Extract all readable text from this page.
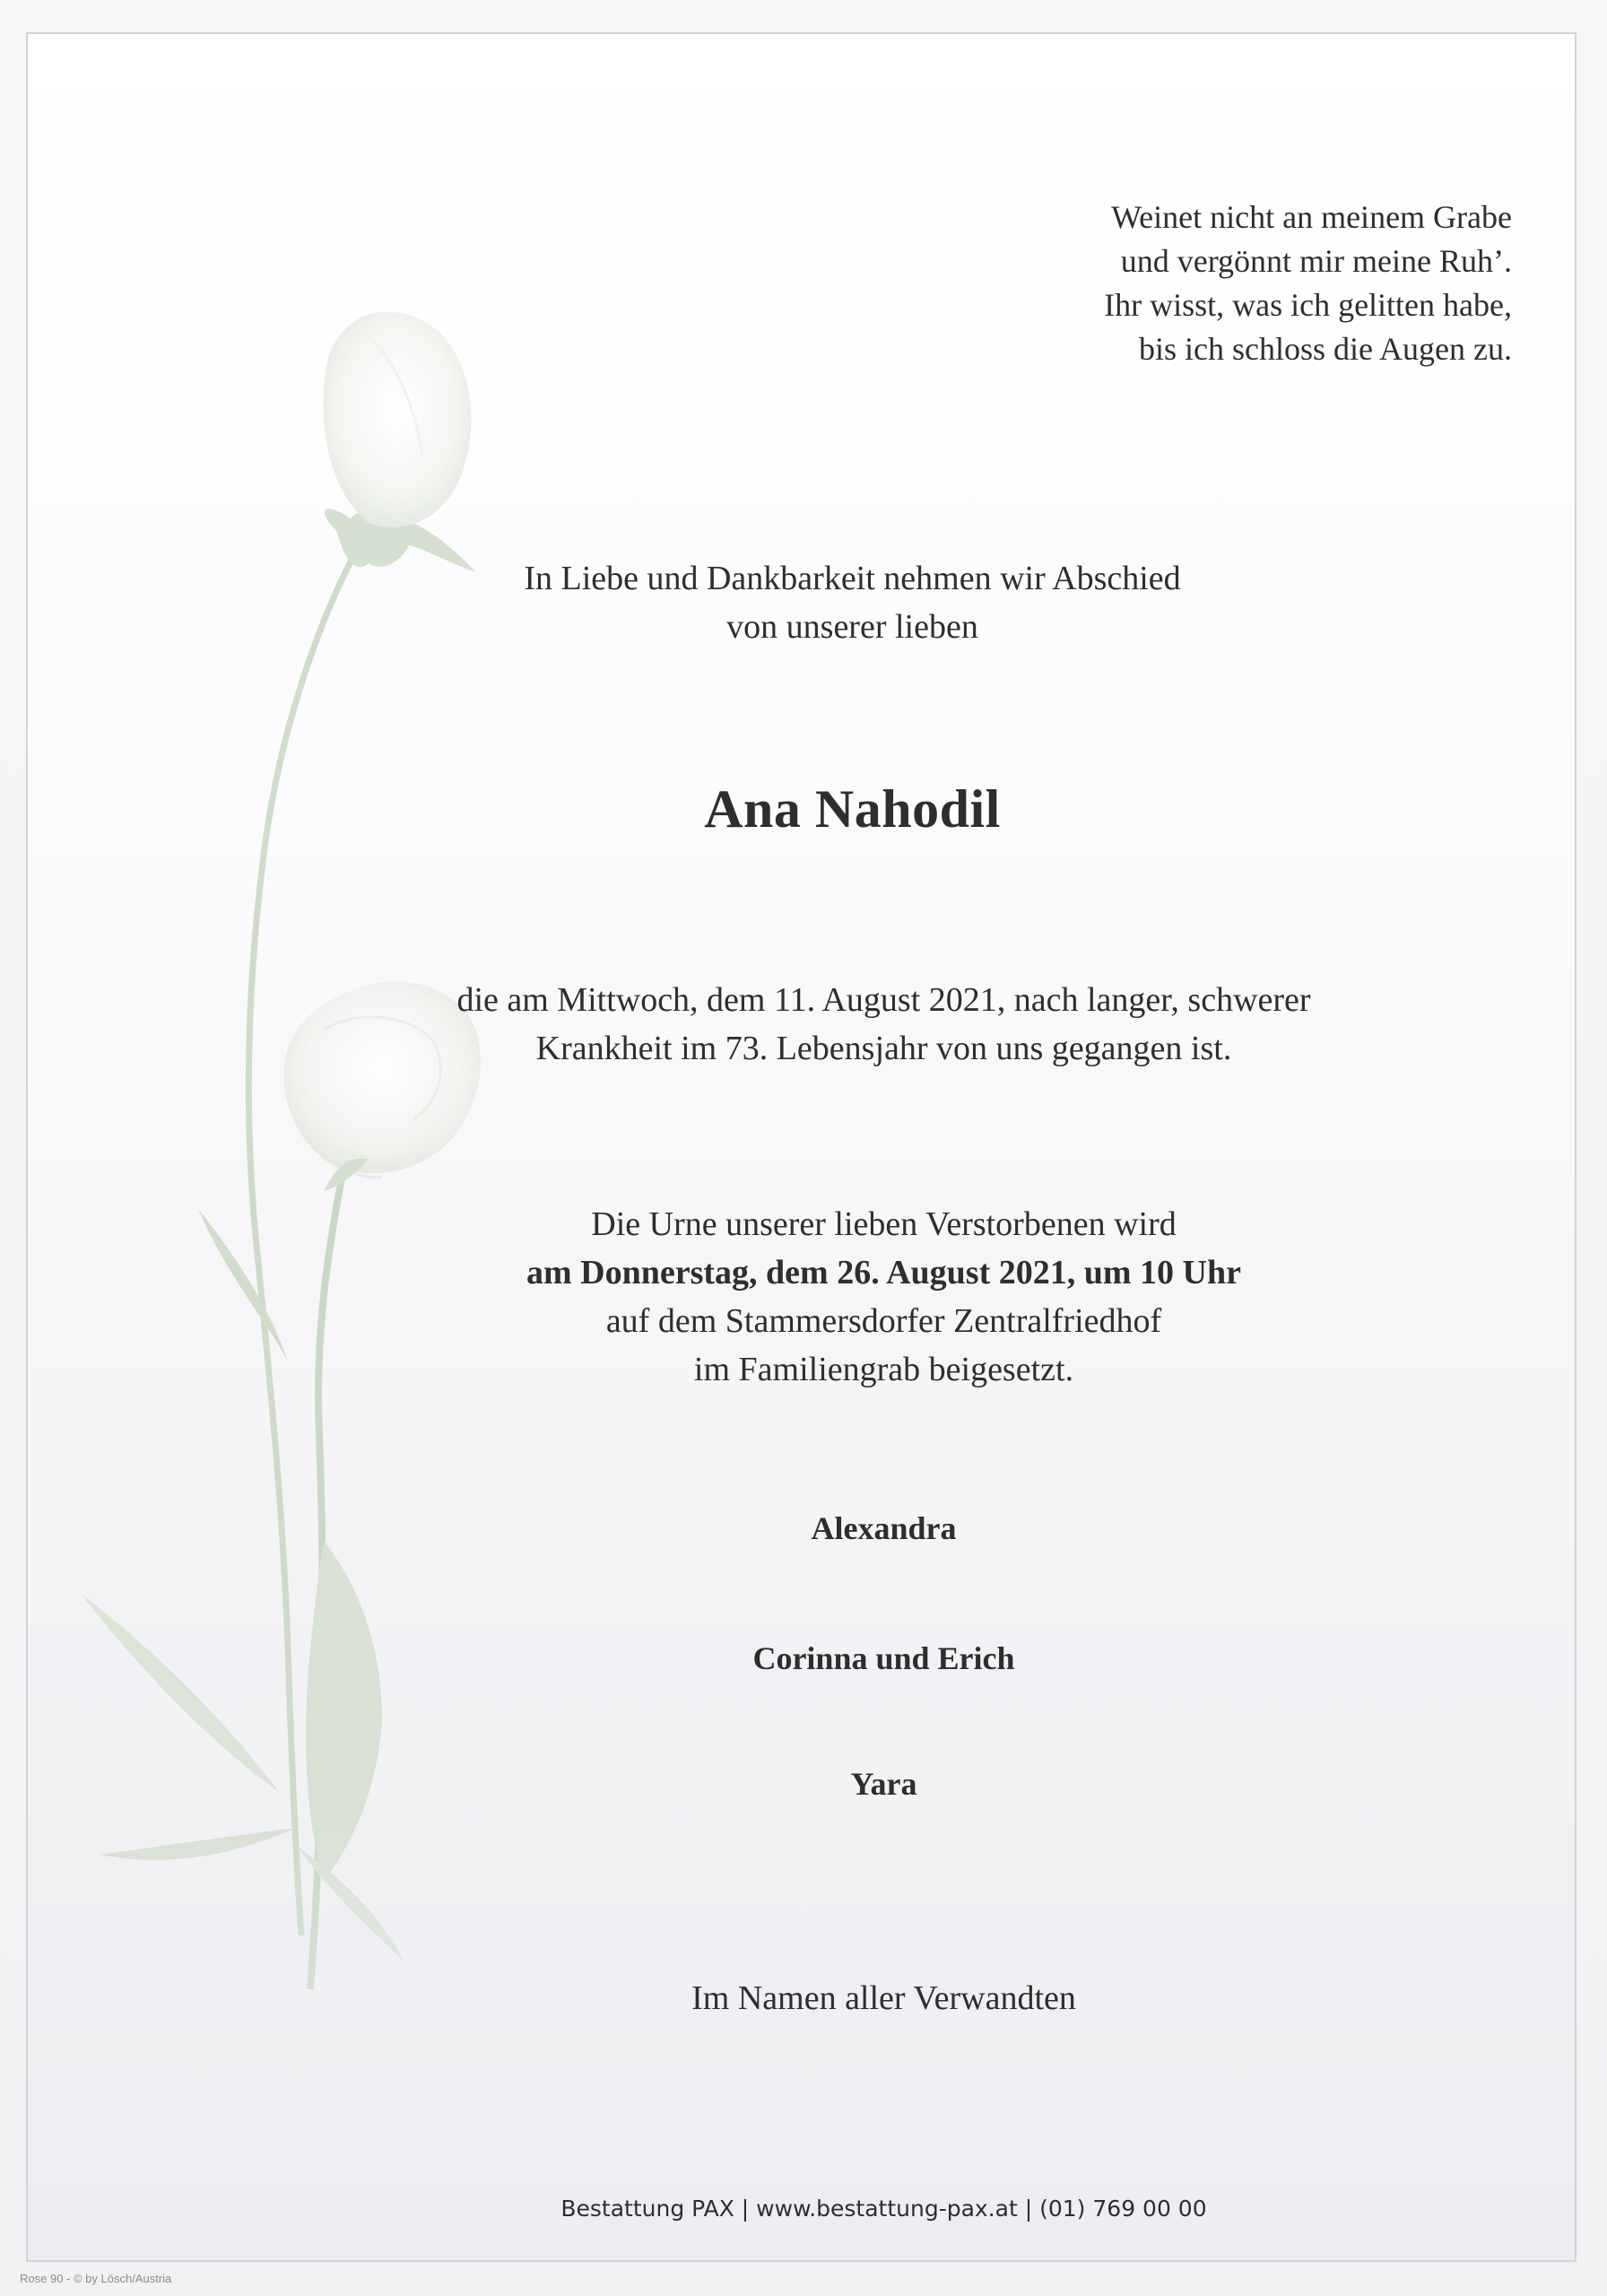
Weinet nicht an meinem Grabe
und vergönnt mir meine Ruh’.
Ihr wisst, was ich gelitten habe,
bis ich schloss die Augen zu.
In Liebe und Dankbarkeit nehmen wir Abschied
von unserer lieben
Ana Nahodil
die am Mittwoch, dem 11. August 2021, nach langer, schwerer
Krankheit im 73. Lebensjahr von uns gegangen ist.
Die Urne unserer lieben Verstorbenen wird
am Donnerstag, dem 26. August 2021, um 10 Uhr
auf dem Stammersdorfer Zentralfriedhof
im Familiengrab beigesetzt.
Alexandra
Corinna und Erich
Yara
Im Namen aller Verwandten
Bestattung PAX | www.bestattung-pax.at | (01) 769 00 00
Rose 90 - © by Lösch/Austria
